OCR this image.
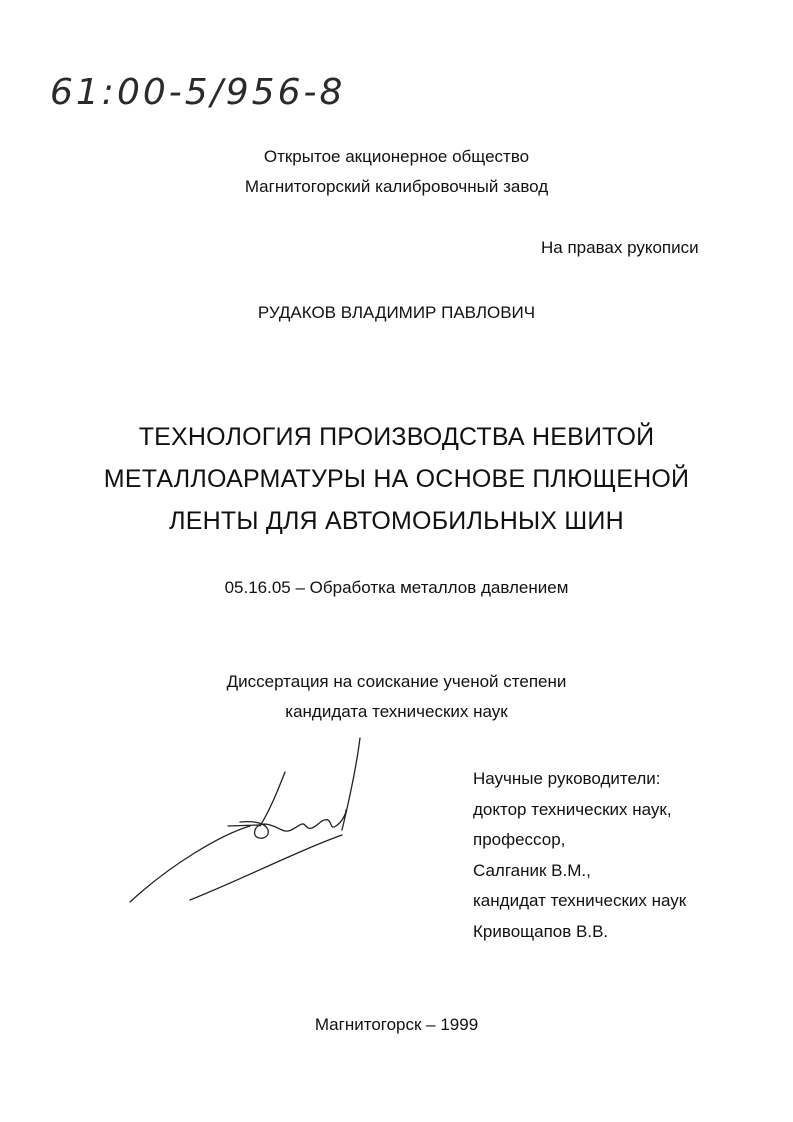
61:00-5/956-8
Открытое акционерное общество
Магнитогорский калибровочный завод
На правах рукописи
РУДАКОВ ВЛАДИМИР ПАВЛОВИЧ
ТЕХНОЛОГИЯ ПРОИЗВОДСТВА НЕВИТОЙ
МЕТАЛЛОАРМАТУРЫ НА ОСНОВЕ ПЛЮЩЕНОЙ
ЛЕНТЫ ДЛЯ АВТОМОБИЛЬНЫХ ШИН
05.16.05 – Обработка металлов давлением
Диссертация на соискание ученой степени
кандидата технических наук
Научные руководители:
доктор технических наук,
профессор,
Салганик В.М.,
кандидат технических наук
Кривощапов В.В.
Магнитогорск – 1999
